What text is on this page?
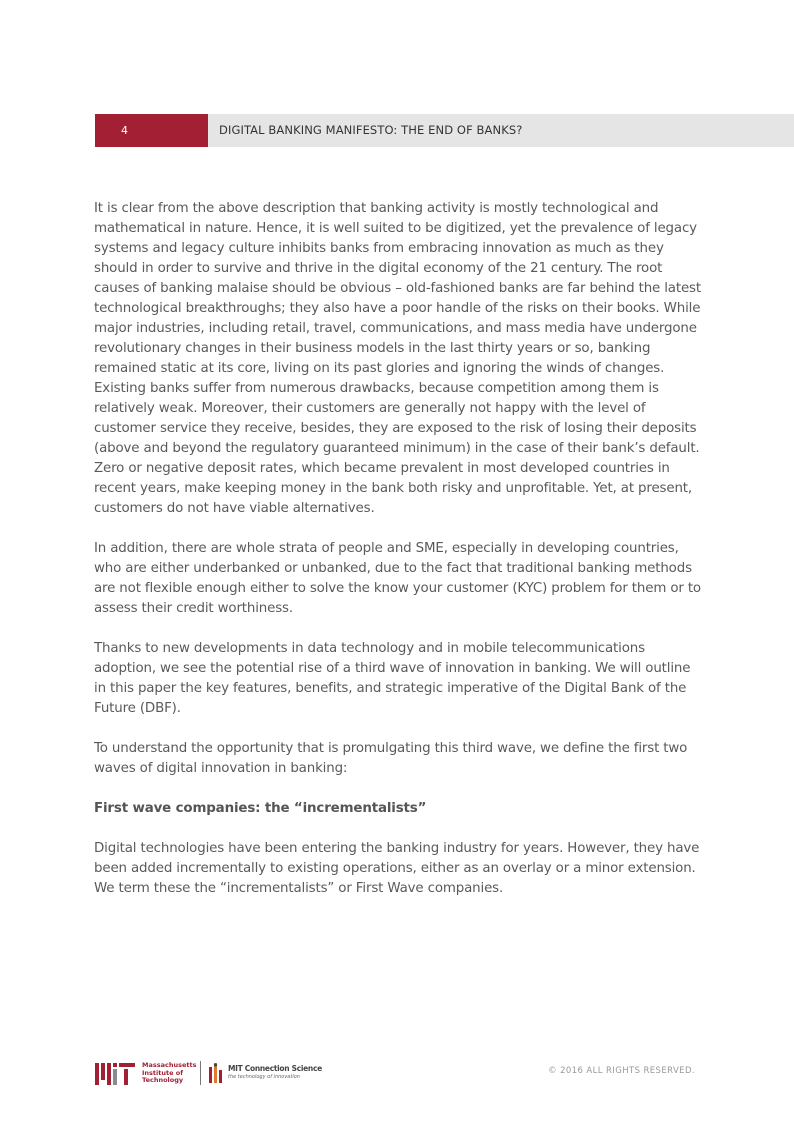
4	DIGITAL BANKING MANIFESTO: THE END OF BANKS?

It is clear from the above description that banking activity is mostly technological and mathematical in nature. Hence, it is well suited to be digitized, yet the prevalence of legacy systems and legacy culture inhibits banks from embracing innovation as much as they should in order to survive and thrive in the digital economy of the 21 century. The root causes of banking malaise should be obvious – old-fashioned banks are far behind the latest technological breakthroughs; they also have a poor handle of the risks on their books. While major industries, including retail, travel, communications, and mass media have undergone revolutionary changes in their business models in the last thirty years or so, banking remained static at its core, living on its past glories and ignoring the winds of changes. Existing banks suffer from numerous drawbacks, because competition among them is relatively weak. Moreover, their customers are generally not happy with the level of customer service they receive, besides, they are exposed to the risk of losing their deposits (above and beyond the regulatory guaranteed minimum) in the case of their bank’s default. Zero or negative deposit rates, which became prevalent in most developed countries in recent years, make keeping money in the bank both risky and unprofitable. Yet, at present, customers do not have viable alternatives.

In addition, there are whole strata of people and SME, especially in developing countries, who are either underbanked or unbanked, due to the fact that traditional banking methods are not flexible enough either to solve the know your customer (KYC) problem for them or to assess their credit worthiness.

Thanks to new developments in data technology and in mobile telecommunications adoption, we see the potential rise of a third wave of innovation in banking. We will outline in this paper the key features, benefits, and strategic imperative of the Digital Bank of the Future (DBF).

To understand the opportunity that is promulgating this third wave, we define the first two waves of digital innovation in banking:

First wave companies: the “incrementalists”

Digital technologies have been entering the banking industry for years. However, they have been added incrementally to existing operations, either as an overlay or a minor extension. We term these the “incrementalists” or First Wave companies.

Massachusetts
Institute of
Technology
MIT Connection Science
the technology of innovation
© 2016 ALL RIGHTS RESERVED.
